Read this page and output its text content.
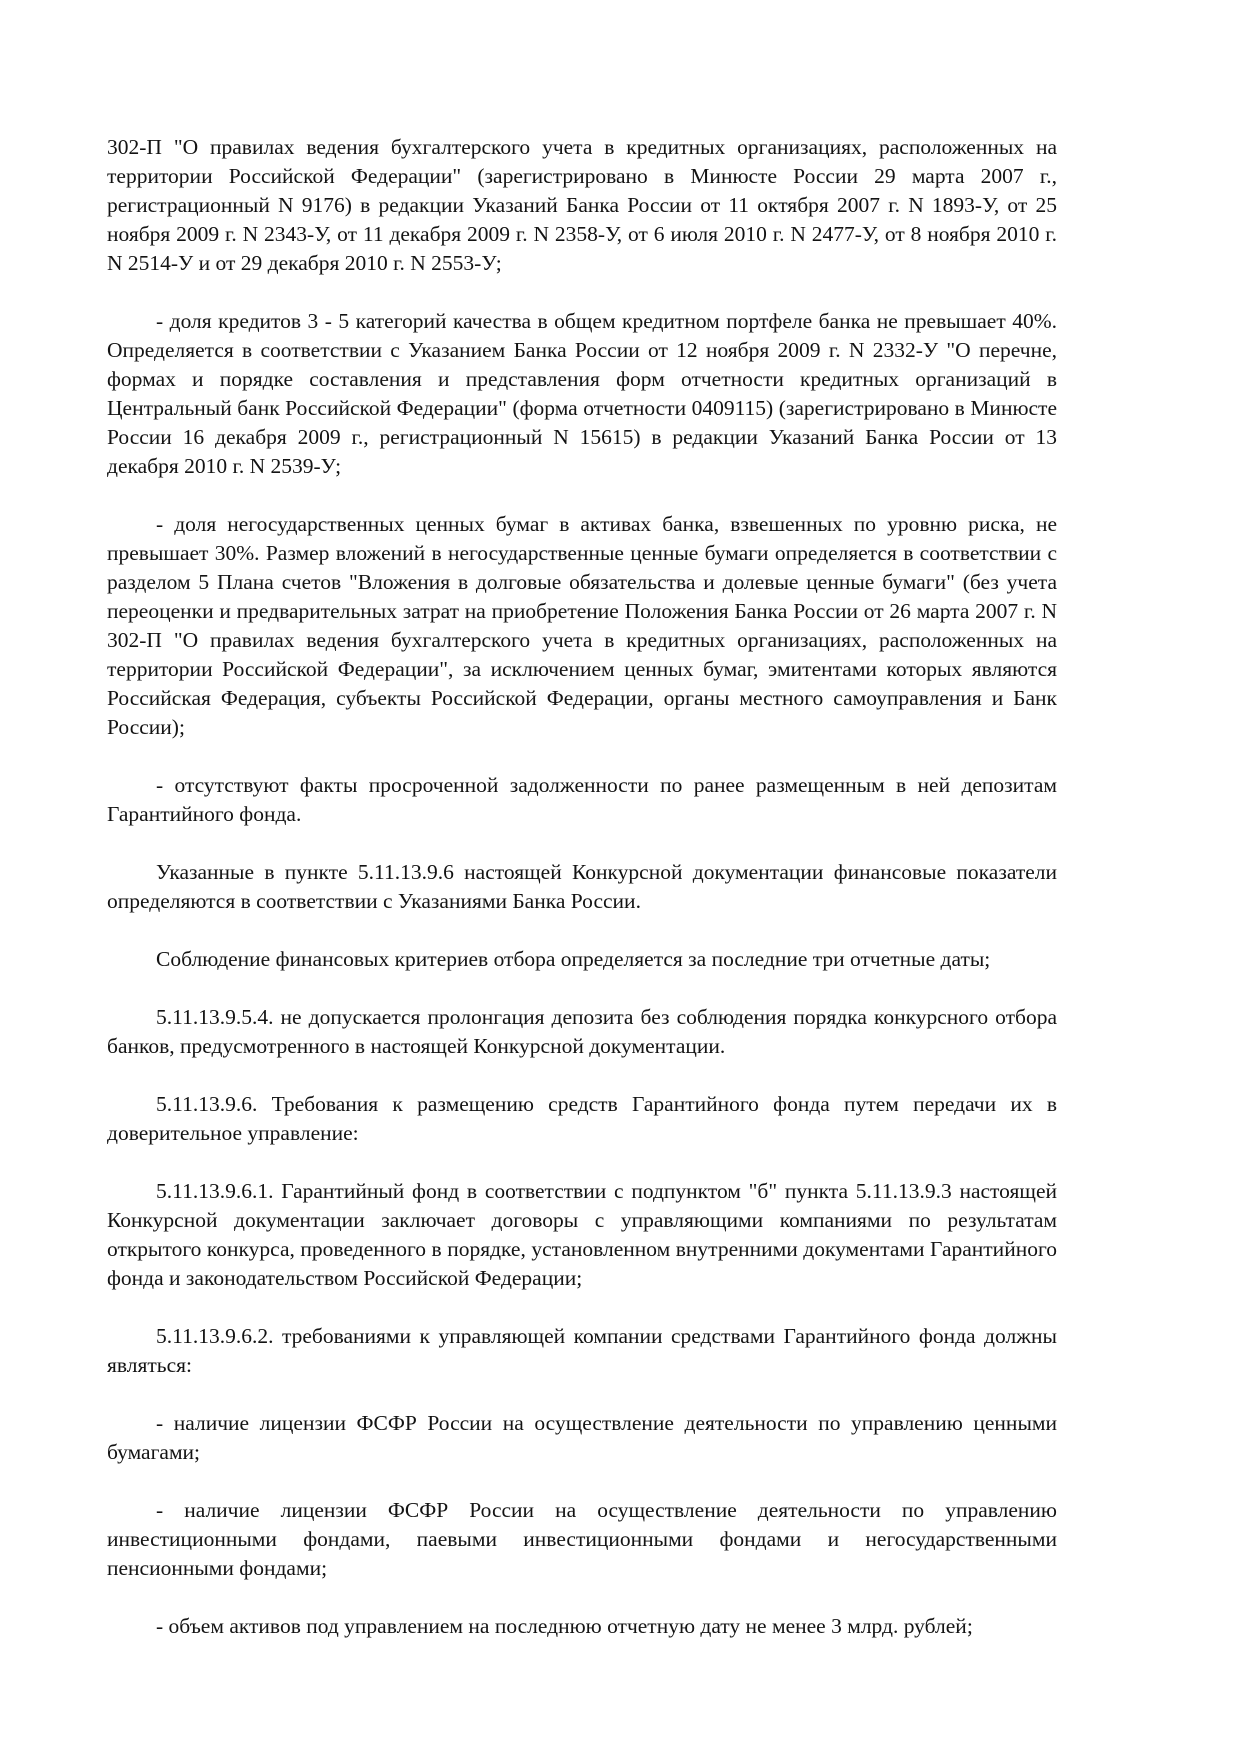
302-П "О правилах ведения бухгалтерского учета в кредитных организациях, расположенных на территории Российской Федерации" (зарегистрировано в Минюсте России 29 марта 2007 г., регистрационный N 9176) в редакции Указаний Банка России от 11 октября 2007 г. N 1893-У, от 25 ноября 2009 г. N 2343-У, от 11 декабря 2009 г. N 2358-У, от 6 июля 2010 г. N 2477-У, от 8 ноября 2010 г. N 2514-У и от 29 декабря 2010 г. N 2553-У;

- доля кредитов 3 - 5 категорий качества в общем кредитном портфеле банка не превышает 40%. Определяется в соответствии с Указанием Банка России от 12 ноября 2009 г. N 2332-У "О перечне, формах и порядке составления и представления форм отчетности кредитных организаций в Центральный банк Российской Федерации" (форма отчетности 0409115) (зарегистрировано в Минюсте России 16 декабря 2009 г., регистрационный N 15615) в редакции Указаний Банка России от 13 декабря 2010 г. N 2539-У;

- доля негосударственных ценных бумаг в активах банка, взвешенных по уровню риска, не превышает 30%. Размер вложений в негосударственные ценные бумаги определяется в соответствии с разделом 5 Плана счетов "Вложения в долговые обязательства и долевые ценные бумаги" (без учета переоценки и предварительных затрат на приобретение Положения Банка России от 26 марта 2007 г. N 302-П "О правилах ведения бухгалтерского учета в кредитных организациях, расположенных на территории Российской Федерации", за исключением ценных бумаг, эмитентами которых являются Российская Федерация, субъекты Российской Федерации, органы местного самоуправления и Банк России);

- отсутствуют факты просроченной задолженности по ранее размещенным в ней депозитам Гарантийного фонда.

Указанные в пункте 5.11.13.9.6 настоящей Конкурсной документации финансовые показатели определяются в соответствии с Указаниями Банка России.

Соблюдение финансовых критериев отбора определяется за последние три отчетные даты;

5.11.13.9.5.4. не допускается пролонгация депозита без соблюдения порядка конкурсного отбора банков, предусмотренного в настоящей Конкурсной документации.

5.11.13.9.6. Требования к размещению средств Гарантийного фонда путем передачи их в доверительное управление:

5.11.13.9.6.1. Гарантийный фонд в соответствии с подпунктом "б" пункта 5.11.13.9.3 настоящей Конкурсной документации заключает договоры с управляющими компаниями по результатам открытого конкурса, проведенного в порядке, установленном внутренними документами Гарантийного фонда и законодательством Российской Федерации;

5.11.13.9.6.2. требованиями к управляющей компании средствами Гарантийного фонда должны являться:

- наличие лицензии ФСФР России на осуществление деятельности по управлению ценными бумагами;

- наличие лицензии ФСФР России на осуществление деятельности по управлению инвестиционными фондами, паевыми инвестиционными фондами и негосударственными пенсионными фондами;

- объем активов под управлением на последнюю отчетную дату не менее 3 млрд. рублей;
